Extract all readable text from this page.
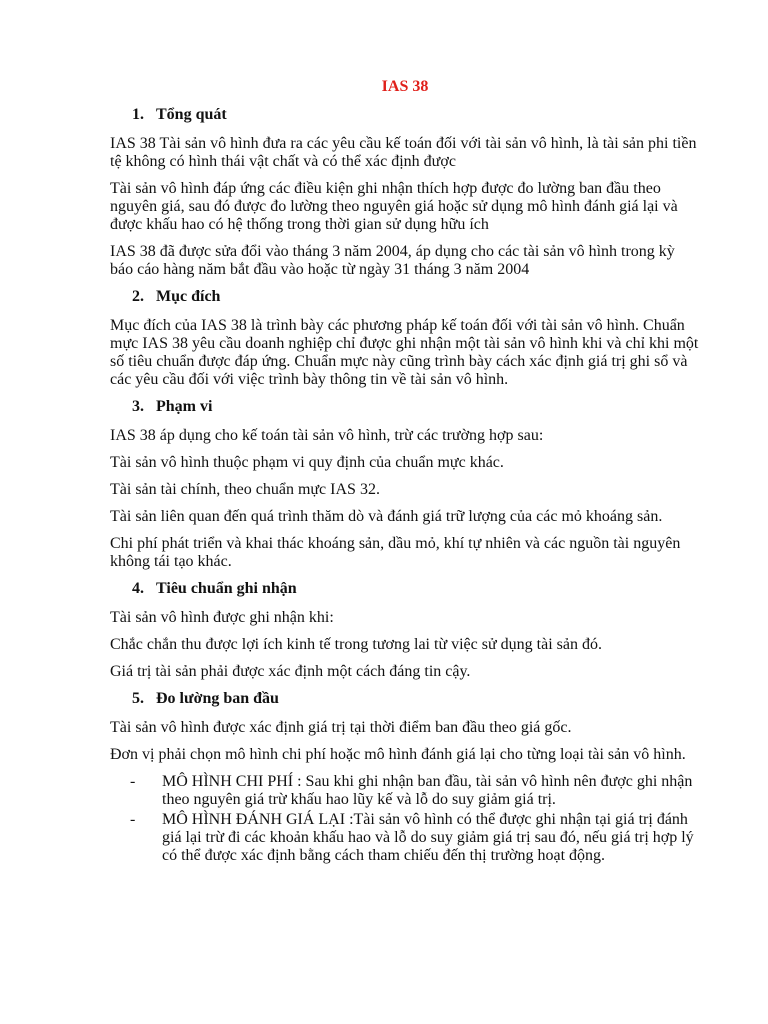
IAS 38
1. Tổng quát

IAS 38 Tài sản vô hình đưa ra các yêu cầu kế toán đối với tài sản vô hình, là tài sản phi tiền tệ không có hình thái vật chất và có thể xác định được

Tài sản vô hình đáp ứng các điều kiện ghi nhận thích hợp được đo lường ban đầu theo nguyên giá, sau đó được đo lường theo nguyên giá hoặc sử dụng mô hình đánh giá lại và được khấu hao có hệ thống trong thời gian sử dụng hữu ích

IAS 38 đã được sửa đổi vào tháng 3 năm 2004, áp dụng cho các tài sản vô hình trong kỳ báo cáo hàng năm bắt đầu vào hoặc từ ngày 31 tháng 3 năm 2004

2. Mục đích

Mục đích của IAS 38 là trình bày các phương pháp kế toán đối với tài sản vô hình. Chuẩn mực IAS 38 yêu cầu doanh nghiệp chỉ được ghi nhận một tài sản vô hình khi và chỉ khi một số tiêu chuẩn được đáp ứng. Chuẩn mực này cũng trình bày cách xác định giá trị ghi sổ và các yêu cầu đối với việc trình bày thông tin về tài sản vô hình.

3. Phạm vi

IAS 38 áp dụng cho kế toán tài sản vô hình, trừ các trường hợp sau:

Tài sản vô hình thuộc phạm vi quy định của chuẩn mực khác.

Tài sản tài chính, theo chuẩn mực IAS 32.

Tài sản liên quan đến quá trình thăm dò và đánh giá trữ lượng của các mỏ khoáng sản.

Chi phí phát triển và khai thác khoáng sản, dầu mỏ, khí tự nhiên và các nguồn tài nguyên không tái tạo khác.

4. Tiêu chuẩn ghi nhận

Tài sản vô hình được ghi nhận khi:

Chắc chắn thu được lợi ích kinh tế trong tương lai từ việc sử dụng tài sản đó.

Giá trị tài sản phải được xác định một cách đáng tin cậy.

5. Đo lường ban đầu

Tài sản vô hình được xác định giá trị tại thời điểm ban đầu theo giá gốc.

Đơn vị phải chọn mô hình chi phí hoặc mô hình đánh giá lại cho từng loại tài sản vô hình.

-	MÔ HÌNH CHI PHÍ : Sau khi ghi nhận ban đầu, tài sản vô hình nên được ghi nhận theo nguyên giá trừ khấu hao lũy kế và lỗ do suy giảm giá trị.
-	MÔ HÌNH ĐÁNH GIÁ LẠI :Tài sản vô hình có thể được ghi nhận tại giá trị đánh giá lại trừ đi các khoản khấu hao và lỗ do suy giảm giá trị sau đó, nếu giá trị hợp lý có thể được xác định bằng cách tham chiếu đến thị trường hoạt động.
